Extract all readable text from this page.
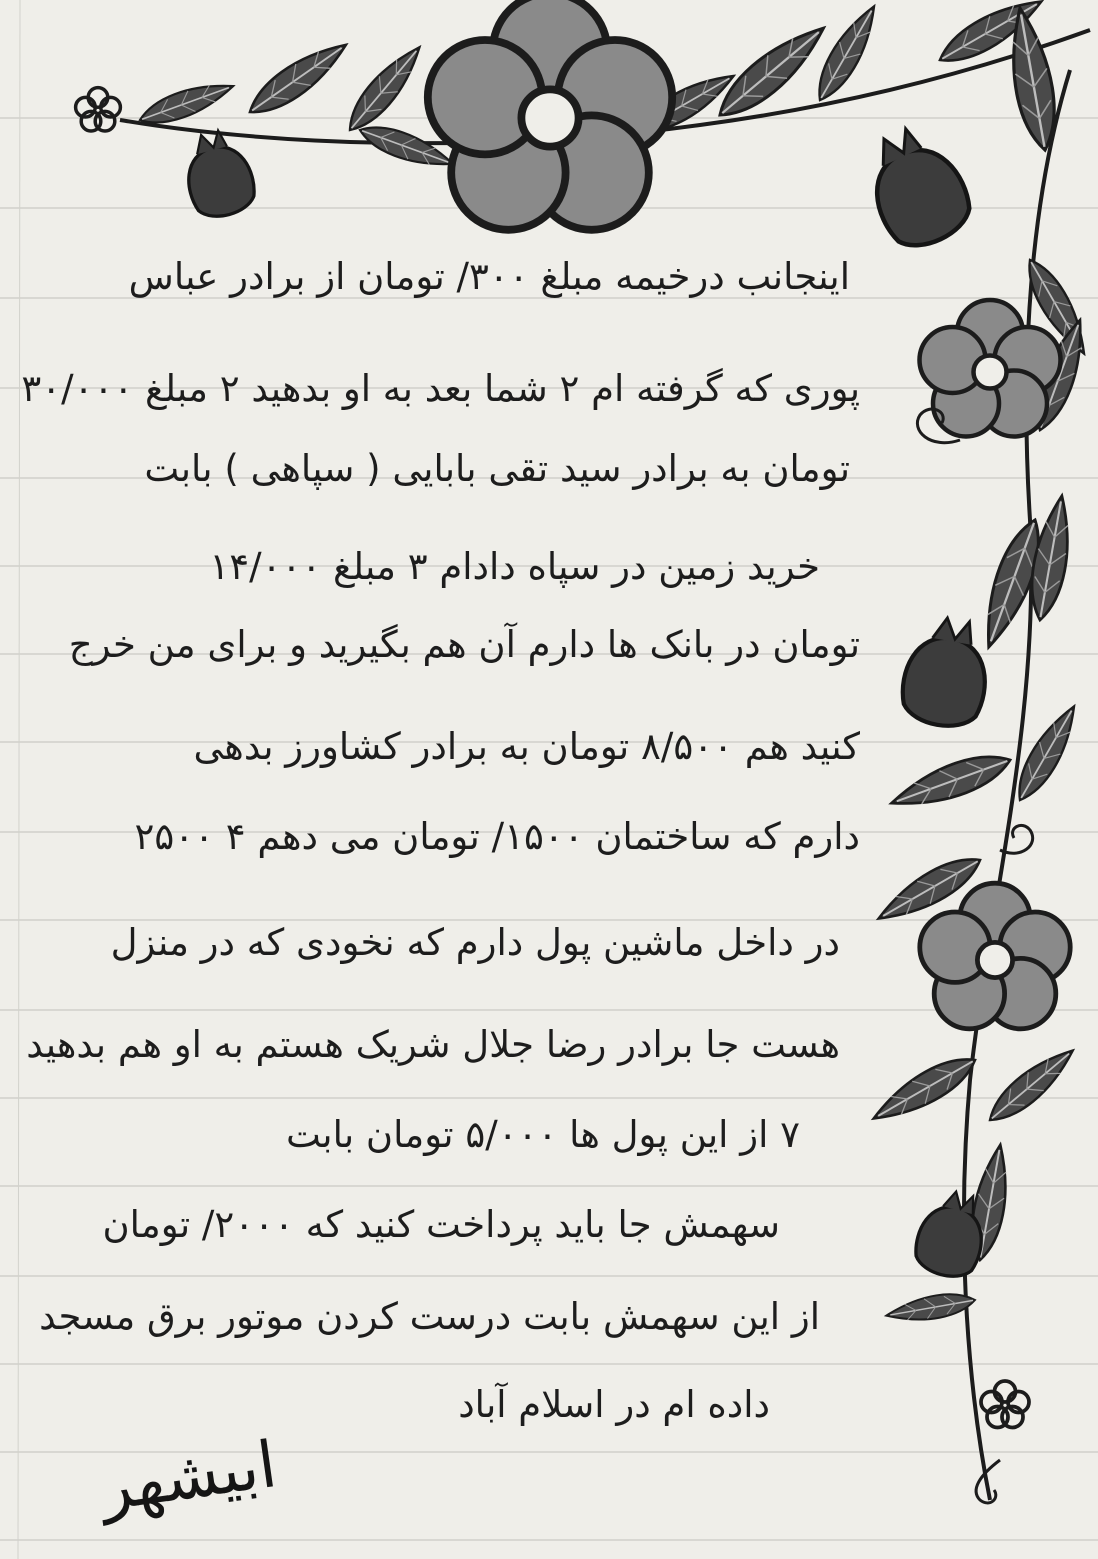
اینجانب درخیمه مبلغ ۳۰۰/ تومان از برادر عباس
پوری که گرفته ام ۲ شما بعد به او بدهید ۲ مبلغ ۳۰/۰۰۰
تومان به برادر سید تقی بابایی ( سپاهی ) بابت
خرید زمین در سپاه دادام ۳ مبلغ ۱۴/۰۰۰
تومان در بانک ها دارم آن هم بگیرید و برای من خرج
کنید هم ۸/۵۰۰ تومان به برادر کشاورز بدهی
دارم که ساختمان ۱۵۰۰/ تومان می دهم ۴ ۲۵۰۰
در داخل ماشین پول دارم که نخودی که در منزل
هست جا برادر رضا جلال شریک هستم به او هم بدهید
۷ از این پول ها ۵/۰۰۰ تومان بابت
سهمش جا باید پرداخت کنید که ۲۰۰۰/ تومان
از این سهمش بابت درست کردن موتور برق مسجد
داده ام در اسلام آباد
ابیشهر
